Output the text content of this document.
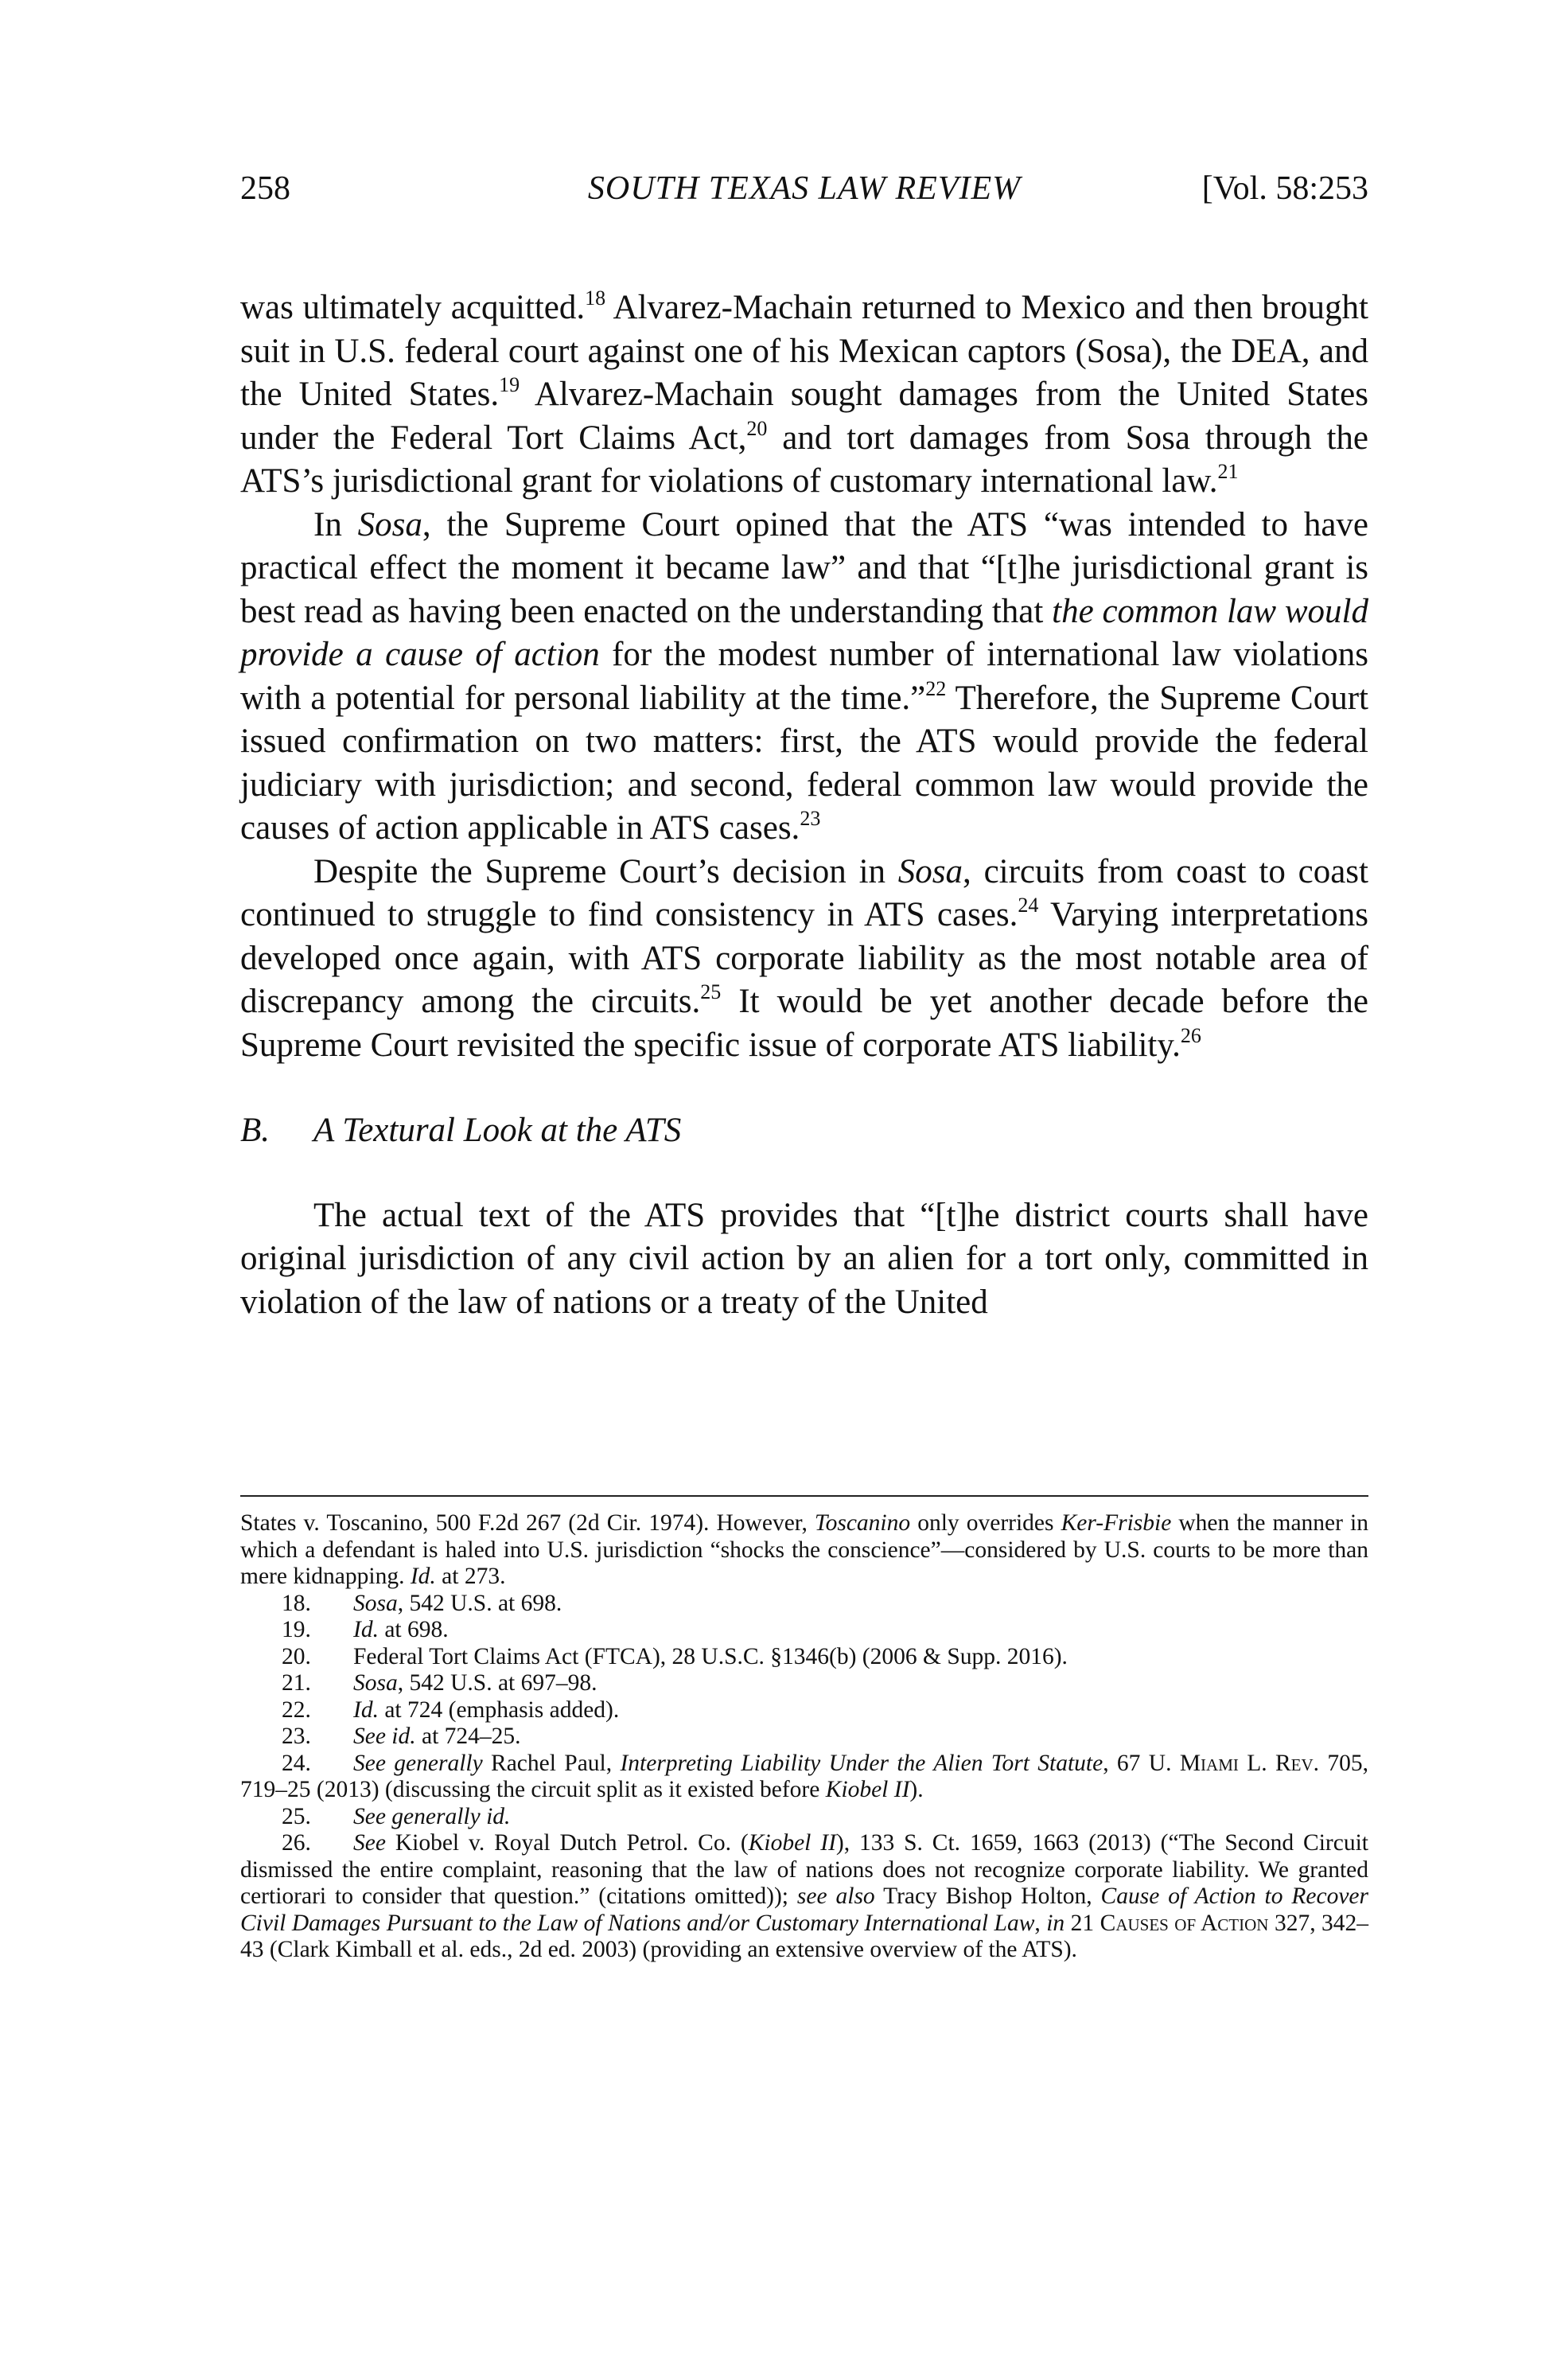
258	SOUTH TEXAS LAW REVIEW	[Vol. 58:253

was ultimately acquitted.$^{18}$ Alvarez-Machain returned to Mexico and then brought suit in U.S. federal court against one of his Mexican captors (Sosa), the DEA, and the United States.$^{19}$ Alvarez-Machain sought damages from the United States under the Federal Tort Claims Act,$^{20}$ and tort damages from Sosa through the ATS’s jurisdictional grant for violations of customary international law.$^{21}$

In Sosa, the Supreme Court opined that the ATS “was intended to have practical effect the moment it became law” and that “[t]he jurisdictional grant is best read as having been enacted on the understanding that the common law would provide a cause of action for the modest number of international law violations with a potential for personal liability at the time.”$^{22}$ Therefore, the Supreme Court issued confirmation on two matters: first, the ATS would provide the federal judiciary with jurisdiction; and second, federal common law would provide the causes of action applicable in ATS cases.$^{23}$

Despite the Supreme Court’s decision in Sosa, circuits from coast to coast continued to struggle to find consistency in ATS cases.$^{24}$ Varying interpretations developed once again, with ATS corporate liability as the most notable area of discrepancy among the circuits.$^{25}$ It would be yet another decade before the Supreme Court revisited the specific issue of corporate ATS liability.$^{26}$

B. A Textural Look at the ATS

The actual text of the ATS provides that “[t]he district courts shall have original jurisdiction of any civil action by an alien for a tort only, committed in violation of the law of nations or a treaty of the United

States v. Toscanino, 500 F.2d 267 (2d Cir. 1974). However, Toscanino only overrides Ker-Frisbie when the manner in which a defendant is haled into U.S. jurisdiction “shocks the conscience”—considered by U.S. courts to be more than mere kidnapping. Id. at 273.

18. Sosa, 542 U.S. at 698.

19. Id. at 698.

20. Federal Tort Claims Act (FTCA), 28 U.S.C. §1346(b) (2006 & Supp. 2016).

21. Sosa, 542 U.S. at 697–98.

22. Id. at 724 (emphasis added).

23. See id. at 724–25.

24. See generally Rachel Paul, Interpreting Liability Under the Alien Tort Statute, 67 U. Miami L. Rev. 705, 719–25 (2013) (discussing the circuit split as it existed before Kiobel II).

25. See generally id.

26. See Kiobel v. Royal Dutch Petrol. Co. (Kiobel II), 133 S. Ct. 1659, 1663 (2013) (“The Second Circuit dismissed the entire complaint, reasoning that the law of nations does not recognize corporate liability. We granted certiorari to consider that question.” (citations omitted)); see also Tracy Bishop Holton, Cause of Action to Recover Civil Damages Pursuant to the Law of Nations and/or Customary International Law, in 21 Causes of Action 327, 342–43 (Clark Kimball et al. eds., 2d ed. 2003) (providing an extensive overview of the ATS).
